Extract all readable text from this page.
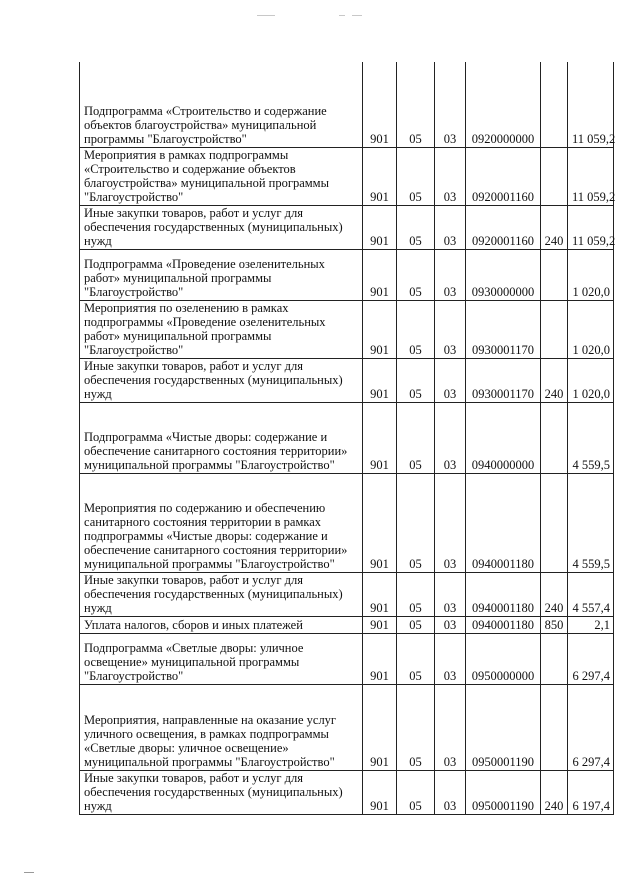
Подпрограмма «Строительство и содержание объектов благоустройства» муниципальной программы "Благоустройство"	901	05	03	0920000000		11 059,2
Мероприятия в рамках подпрограммы «Строительство и содержание объектов благоустройства» муниципальной программы "Благоустройство"	901	05	03	0920001160		11 059,2
Иные закупки товаров, работ и услуг для обеспечения государственных (муниципальных) нужд	901	05	03	0920001160	240	11 059,2
Подпрограмма «Проведение озеленительных работ» муниципальной программы "Благоустройство"	901	05	03	0930000000		1 020,0
Мероприятия по озеленению в рамках подпрограммы «Проведение озеленительных работ» муниципальной программы "Благоустройство"	901	05	03	0930001170		1 020,0
Иные закупки товаров, работ и услуг для обеспечения государственных (муниципальных) нужд	901	05	03	0930001170	240	1 020,0
Подпрограмма «Чистые дворы: содержание и обеспечение санитарного состояния территории» муниципальной программы "Благоустройство"	901	05	03	0940000000		4 559,5
Мероприятия по содержанию и обеспечению санитарного состояния территории в рамках подпрограммы «Чистые дворы: содержание и обеспечение санитарного состояния территории» муниципальной программы "Благоустройство"	901	05	03	0940001180		4 559,5
Иные закупки товаров, работ и услуг для обеспечения государственных (муниципальных) нужд	901	05	03	0940001180	240	4 557,4
Уплата налогов, сборов и иных платежей	901	05	03	0940001180	850	2,1
Подпрограмма «Светлые дворы: уличное освещение» муниципальной программы "Благоустройство"	901	05	03	0950000000		6 297,4
Мероприятия, направленные на оказание услуг уличного освещения, в рамках подпрограммы «Светлые дворы: уличное освещение» муниципальной программы "Благоустройство"	901	05	03	0950001190		6 297,4
Иные закупки товаров, работ и услуг для обеспечения государственных (муниципальных) нужд	901	05	03	0950001190	240	6 197,4
